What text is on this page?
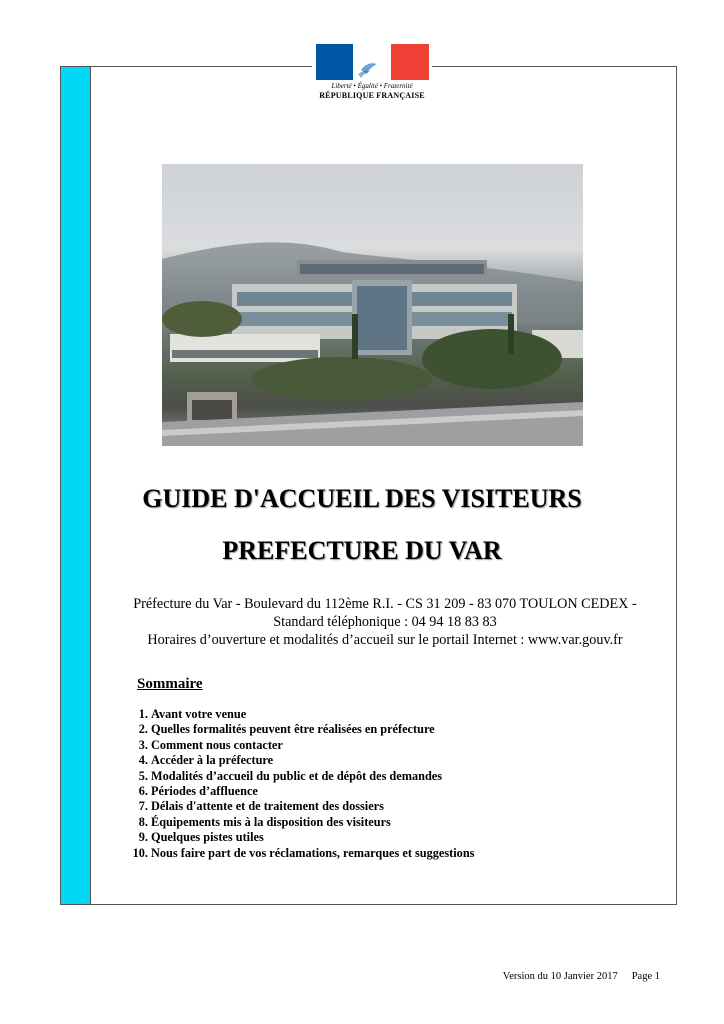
Liberté • Égalité • Fraternité
RÉPUBLIQUE FRANÇAISE
GUIDE D'ACCUEIL DES VISITEURS
PREFECTURE DU VAR
Préfecture du Var - Boulevard du 112ème R.I. - CS 31 209 - 83 070 TOULON CEDEX -
Standard téléphonique : 04 94 18 83 83
Horaires d’ouverture et modalités d’accueil sur le portail Internet : www.var.gouv.fr
Sommaire
1. Avant votre venue
2. Quelles formalités peuvent être réalisées en préfecture
3. Comment nous contacter
4. Accéder à la préfecture
5. Modalités d’accueil du public et de dépôt des demandes
6. Périodes d’affluence
7. Délais d'attente et de traitement des dossiers
8. Équipements mis à la disposition des visiteurs
9. Quelques pistes utiles
10. Nous faire part de vos réclamations, remarques et suggestions
Version du 10 Janvier 2017 Page 1
